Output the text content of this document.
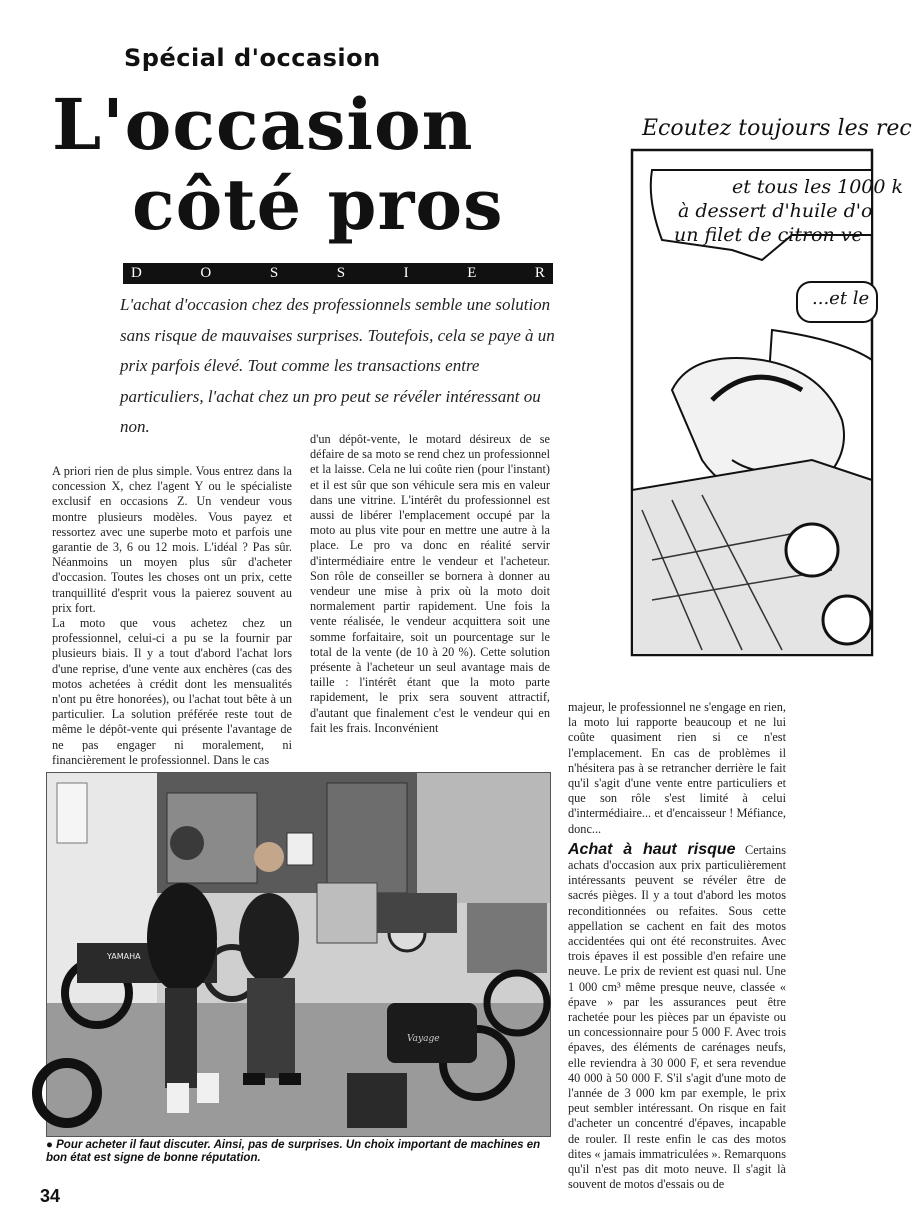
Spécial d'occasion
L'occasion
côté pros
D	O	S	S	I	E	R
L'achat d'occasion chez des professionnels semble une solution sans risque de mauvaises surprises. Toutefois, cela se paye à un prix parfois élevé. Tout comme les transactions entre particuliers, l'achat chez un pro peut se révéler intéressant ou non.

A priori rien de plus simple. Vous entrez dans la concession X, chez l'agent Y ou le spécialiste exclusif en occasions Z. Un vendeur vous montre plusieurs modèles. Vous payez et ressortez avec une superbe moto et parfois une garantie de 3, 6 ou 12 mois. L'idéal ? Pas sûr. Néanmoins un moyen plus sûr d'acheter d'occasion. Toutes les choses ont un prix, cette tranquillité d'esprit vous la paierez souvent au prix fort.

La moto que vous achetez chez un professionnel, celui-ci a pu se la fournir par plusieurs biais. Il y a tout d'abord l'achat lors d'une reprise, d'une vente aux enchères (cas des motos achetées à crédit dont les mensualités n'ont pu être honorées), ou l'achat tout bête à un particulier. La solution préférée reste tout de même le dépôt-vente qui présente l'avantage de ne pas engager ni moralement, ni financièrement le professionnel. Dans le cas

d'un dépôt-vente, le motard désireux de se défaire de sa moto se rend chez un professionnel et la laisse. Cela ne lui coûte rien (pour l'instant) et il est sûr que son véhicule sera mis en valeur dans une vitrine. L'intérêt du professionnel est aussi de libérer l'emplacement occupé par la moto au plus vite pour en mettre une autre à la place. Le pro va donc en réalité servir d'intermédiaire entre le vendeur et l'acheteur. Son rôle de conseiller se bornera à donner au vendeur une mise à prix où la moto doit normalement partir rapidement. Une fois la vente réalisée, le vendeur acquittera soit une somme forfaitaire, soit un pourcentage sur le total de la vente (de 10 à 20 %). Cette solution présente à l'acheteur un seul avantage mais de taille : l'intérêt étant que la moto parte rapidement, le prix sera souvent attractif, d'autant que finalement c'est le vendeur qui en fait les frais. Inconvénient

majeur, le professionnel ne s'engage en rien, la moto lui rapporte beaucoup et ne lui coûte quasiment rien si ce n'est l'emplacement. En cas de problèmes il n'hésitera pas à se retrancher derrière le fait qu'il s'agit d'une vente entre particuliers et que son rôle s'est limité à celui d'intermédiaire... et d'encaisseur ! Méfiance, donc...

Achat à haut risque Certains achats d'occasion aux prix particulièrement intéressants peuvent se révéler être de sacrés pièges. Il y a tout d'abord les motos reconditionnées ou refaites. Sous cette appellation se cachent en fait des motos accidentées qui ont été reconstruites. Avec trois épaves il est possible d'en refaire une neuve. Le prix de revient est quasi nul. Une 1 000 cm³ même presque neuve, classée « épave » par les assurances peut être rachetée pour les pièces par un épaviste ou un concessionnaire pour 5 000 F. Avec trois épaves, des éléments de carénages neufs, elle reviendra à 30 000 F, et sera revendue 40 000 à 50 000 F. S'il s'agit d'une moto de l'année de 3 000 km par exemple, le prix peut sembler intéressant. On risque en fait d'acheter un concentré d'épaves, incapable de rouler. Il reste enfin le cas des motos dites « jamais immatriculées ». Remarquons qu'il n'est pas dit moto neuve. Il s'agit là souvent de motos d'essais ou de

YAMAHA
Vayage
● Pour acheter il faut discuter. Ainsi, pas de surprises. Un choix important de machines en bon état est signe de bonne réputation.
34
Ecoutez toujours les rec
et tous les 1000 k
à dessert d'huile d'o
un filet de citron ve
...et le
